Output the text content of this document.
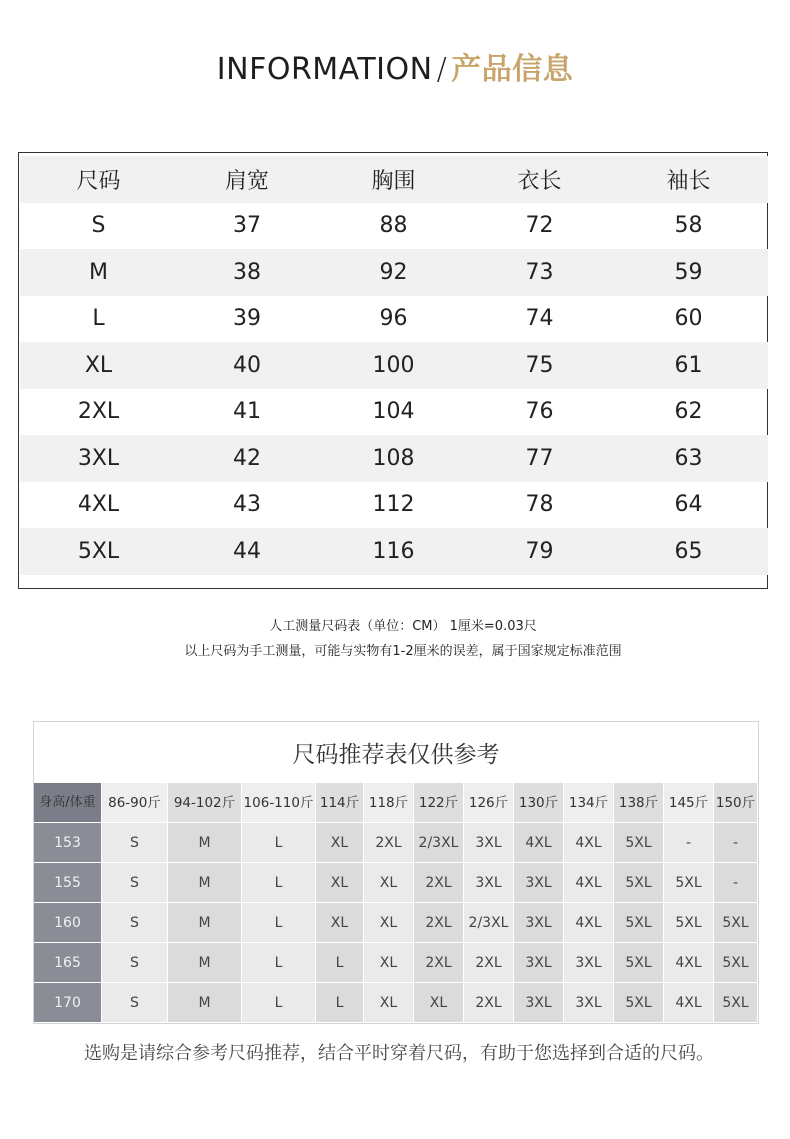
INFORMATION / 产品信息
尺码	肩宽	胸围	衣长	袖长
S	37	88	72	58
M	38	92	73	59
L	39	96	74	60
XL	40	100	75	61
2XL	41	104	76	62
3XL	42	108	77	63
4XL	43	112	78	64
5XL	44	116	79	65
人工测量尺码表（单位：CM） 1厘米=0.03尺
以上尺码为手工测量，可能与实物有1-2厘米的误差，属于国家规定标准范围
尺码推荐表仅供参考
身高/体重 86-90斤 94-102斤 106-110斤 114斤 118斤 122斤 126斤 130斤 134斤 138斤 145斤 150斤
153	S	M	L	XL	2XL	2/3XL	3XL	4XL	4XL	5XL	-	-
155	S	M	L	XL	XL	2XL	3XL	3XL	4XL	5XL	5XL	-
160	S	M	L	XL	XL	2XL	2/3XL	3XL	4XL	5XL	5XL	5XL
165	S	M	L	L	XL	2XL	2XL	3XL	3XL	5XL	4XL	5XL
170	S	M	L	L	XL	XL	2XL	3XL	3XL	5XL	4XL	5XL
选购是请综合参考尺码推荐，结合平时穿着尺码，有助于您选择到合适的尺码。
